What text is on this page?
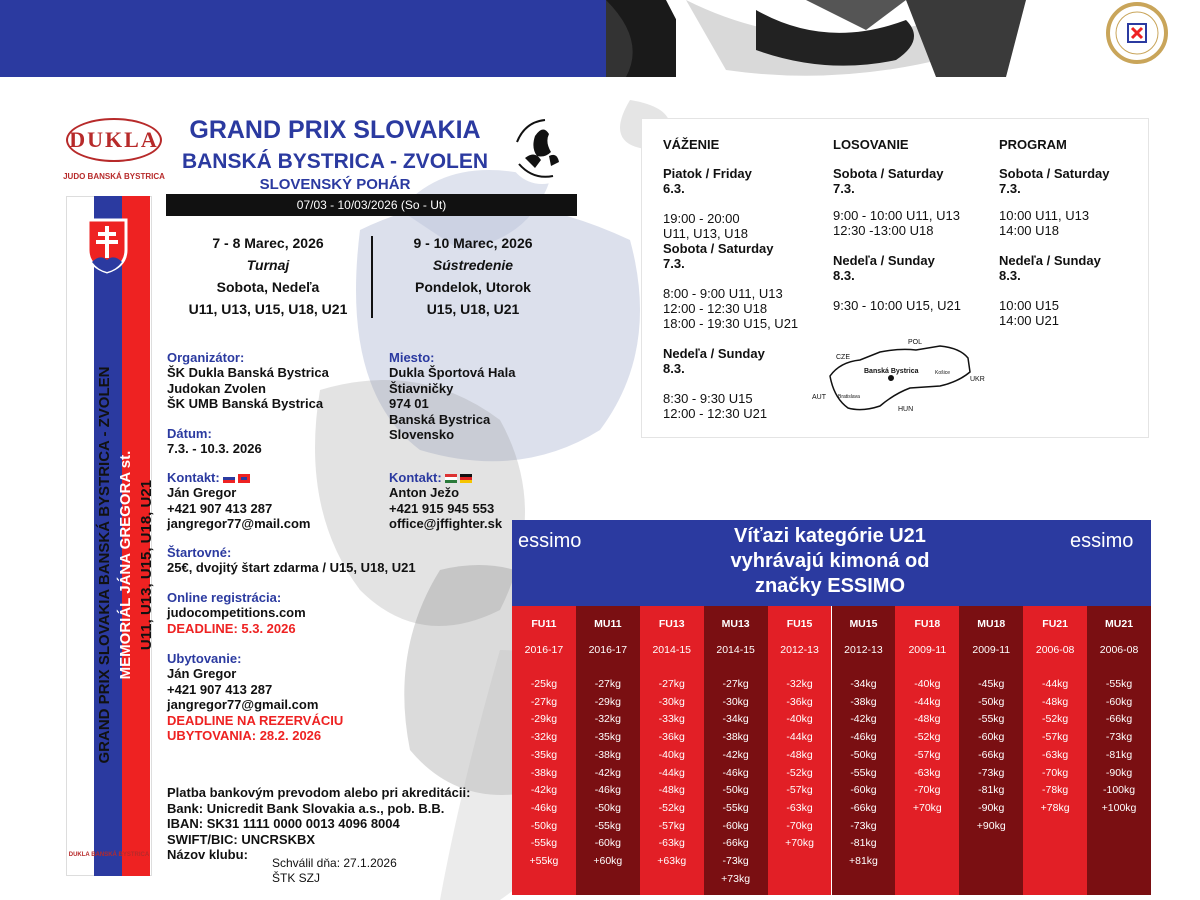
DUKLA
JUDO BANSKÁ BYSTRICA
GRAND PRIX SLOVAKIA
BANSKÁ BYSTRICA - ZVOLEN
SLOVENSKÝ POHÁR
07/03 - 10/03/2026 (So - Ut)
GRAND PRIX SLOVAKIA BANSKÁ BYSTRICA - ZVOLEN MEMORIÁL JÁNA GREGORA st. U11, U13, U15, U18, U21
DUKLA BANSKÁ BYSTRICA
7 - 8 Marec, 2026
Turnaj
Sobota, Nedeľa
U11, U13, U15, U18, U21
9 - 10 Marec, 2026
Sústredenie
Pondelok, Utorok
U15, U18, U21
Organizátor:
ŠK Dukla Banská Bystrica
Judokan Zvolen
ŠK UMB Banská Bystrica
Miesto:
Dukla Športová Hala
Štiavničky
974 01
Banská Bystrica
Slovensko
Dátum:
7.3. - 10.3. 2026
Kontakt:
Ján Gregor
+421 907 413 287
jangregor77@mail.com
Kontakt:
Anton Ježo
+421 915 945 553
office@jffighter.sk
Štartovné:
25€, dvojitý štart zdarma / U15, U18, U21
Online registrácia:
judocompetitions.com
DEADLINE: 5.3. 2026
Ubytovanie:
Ján Gregor
+421 907 413 287
jangregor77@gmail.com
DEADLINE NA REZERVÁCIU
UBYTOVANIA: 28.2. 2026
Platba bankovým prevodom alebo pri akreditácii:
Bank: Unicredit Bank Slovakia a.s., pob. B.B.
IBAN: SK31 1111 0000 0013 4096 8004
SWIFT/BIC: UNCRSKBX
Názov klubu:
Schválil dňa: 27.1.2026
ŠTK SZJ
VÁŽENIE
Piatok / Friday
6.3.
19:00 - 20:00
U11, U13, U18
Sobota / Saturday
7.3.
8:00 - 9:00 U11, U13
12:00 - 12:30 U18
18:00 - 19:30 U15, U21
Nedeľa / Sunday
8.3.
8:30 - 9:30 U15
12:00 - 12:30 U21
LOSOVANIE
Sobota / Saturday
7.3.
9:00 - 10:00 U11, U13
12:30 -13:00 U18
Nedeľa / Sunday
8.3.
9:30 - 10:00 U15, U21
PROGRAM
Sobota / Saturday
7.3.
10:00 U11, U13
14:00 U18
Nedeľa / Sunday
8.3.
10:00 U15
14:00 U21
POL
CZE
UKR
AUT
HUN
Banská Bystrica	Košice
Bratislava
essimo	essimo
Víťazi kategórie U21
vyhrávajú kimoná od
značky ESSIMO
FU11
2016-17
-25kg
-27kg
-29kg
-32kg
-35kg
-38kg
-42kg
-46kg
-50kg
-55kg
+55kg
MU11
2016-17
-27kg
-29kg
-32kg
-35kg
-38kg
-42kg
-46kg
-50kg
-55kg
-60kg
+60kg
FU13
2014-15
-27kg
-30kg
-33kg
-36kg
-40kg
-44kg
-48kg
-52kg
-57kg
-63kg
+63kg
MU13
2014-15
-27kg
-30kg
-34kg
-38kg
-42kg
-46kg
-50kg
-55kg
-60kg
-66kg
-73kg
+73kg
FU15
2012-13
-32kg
-36kg
-40kg
-44kg
-48kg
-52kg
-57kg
-63kg
-70kg
+70kg
MU15
2012-13
-34kg
-38kg
-42kg
-46kg
-50kg
-55kg
-60kg
-66kg
-73kg
-81kg
+81kg
FU18
2009-11
-40kg
-44kg
-48kg
-52kg
-57kg
-63kg
-70kg
+70kg
MU18
2009-11
-45kg
-50kg
-55kg
-60kg
-66kg
-73kg
-81kg
-90kg
+90kg
FU21
2006-08
-44kg
-48kg
-52kg
-57kg
-63kg
-70kg
-78kg
+78kg
MU21
2006-08
-55kg
-60kg
-66kg
-73kg
-81kg
-90kg
-100kg
+100kg
